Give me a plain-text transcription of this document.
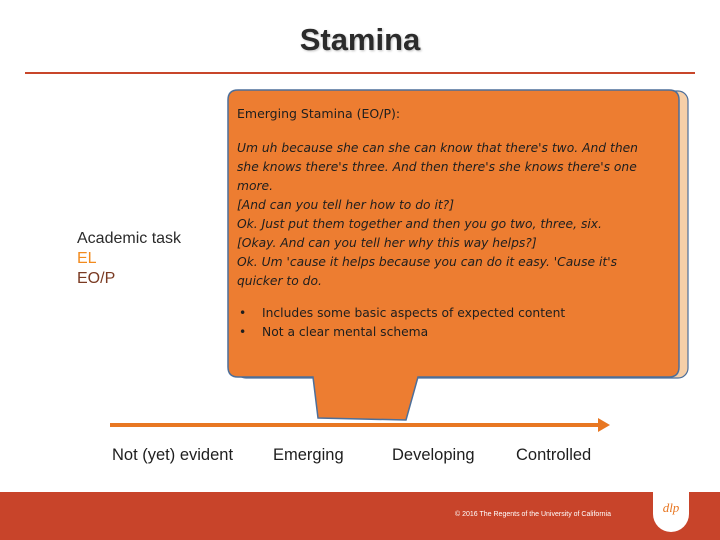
Stamina
Academic task
EL
EO/P
Emerging Stamina (EO/P):
Um uh because she can she can know that there's two. And then
she knows there's three. And then there's she knows there's one
more.
[And can you tell her how to do it?]
Ok. Just put them together and then you go two, three, six.
[Okay. And can you tell her why this way helps?]
Ok. Um 'cause it helps because you can do it easy. 'Cause it's
quicker to do.
•	Includes some basic aspects of expected content
•	Not a clear mental schema
Not (yet) evident Emerging	Developing	Controlled
© 2016 The Regents of the University of California	dlp
